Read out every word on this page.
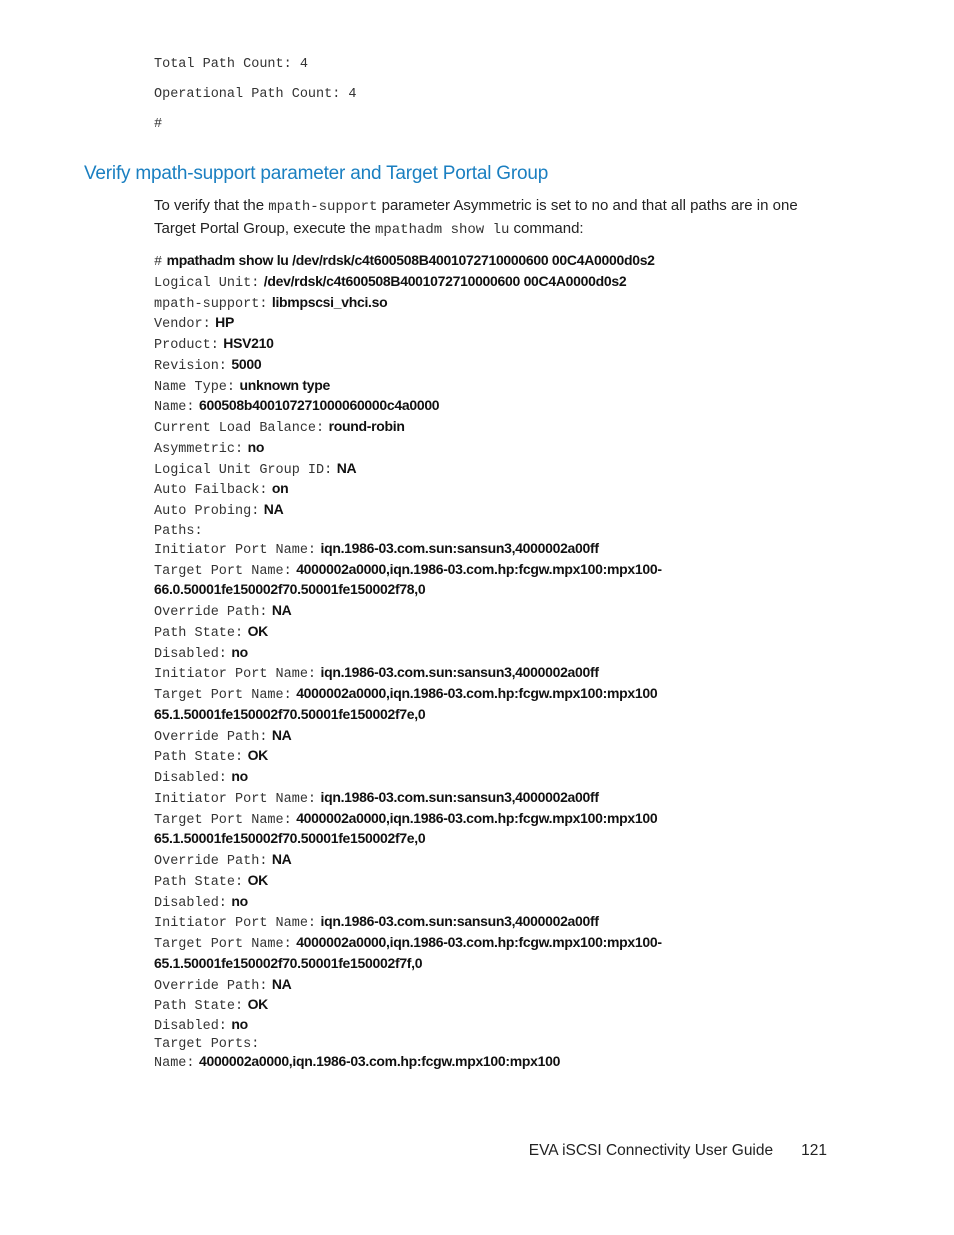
Total Path Count: 4
Operational Path Count: 4
#
Verify mpath-support parameter and Target Portal Group

To verify that the mpath-support parameter Asymmetric is set to no and that all paths are in one Target Portal Group, execute the mpathadm show lu command:

# mpathadm show lu /dev/rdsk/c4t600508B4001072710000600 00C4A0000d0s2
Logical Unit: /dev/rdsk/c4t600508B4001072710000600 00C4A0000d0s2
mpath-support: libmpscsi_vhci.so
Vendor: HP
Product: HSV210
Revision: 5000
Name Type: unknown type
Name: 600508b400107271000060000c4a0000
Current Load Balance: round-robin
Asymmetric: no
Logical Unit Group ID: NA
Auto Failback: on
Auto Probing: NA
Paths:
Initiator Port Name: iqn.1986-03.com.sun:sansun3,4000002a00ff
Target Port Name: 4000002a0000,iqn.1986-03.com.hp:fcgw.mpx100:mpx100-
66.0.50001fe150002f70.50001fe150002f78,0
Override Path: NA
Path State: OK
Disabled: no
Initiator Port Name: iqn.1986-03.com.sun:sansun3,4000002a00ff
Target Port Name: 4000002a0000,iqn.1986-03.com.hp:fcgw.mpx100:mpx100
65.1.50001fe150002f70.50001fe150002f7e,0
Override Path: NA
Path State: OK
Disabled: no
Initiator Port Name: iqn.1986-03.com.sun:sansun3,4000002a00ff
Target Port Name: 4000002a0000,iqn.1986-03.com.hp:fcgw.mpx100:mpx100
65.1.50001fe150002f70.50001fe150002f7e,0
Override Path: NA
Path State: OK
Disabled: no
Initiator Port Name: iqn.1986-03.com.sun:sansun3,4000002a00ff
Target Port Name: 4000002a0000,iqn.1986-03.com.hp:fcgw.mpx100:mpx100-
65.1.50001fe150002f70.50001fe150002f7f,0
Override Path: NA
Path State: OK
Disabled: no
Target Ports:
Name: 4000002a0000,iqn.1986-03.com.hp:fcgw.mpx100:mpx100
EVA iSCSI Connectivity User Guide 121
